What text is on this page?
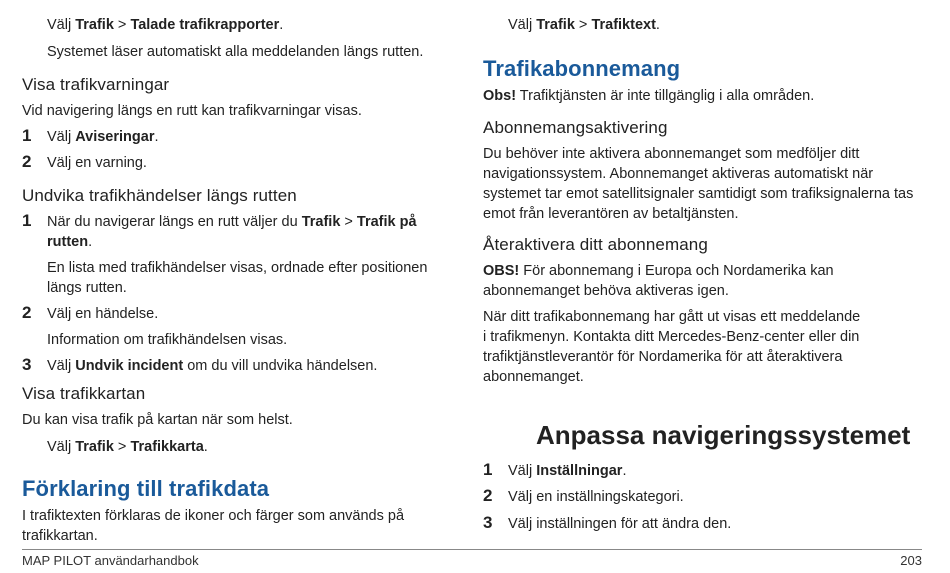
Välj Trafik > Talade trafikrapporter.

Systemet läser automatiskt alla meddelanden längs rutten.

Visa trafikvarningar

Vid navigering längs en rutt kan trafikvarningar visas.

1 Välj Aviseringar.

2 Välj en varning.

Undvika trafikhändelser längs rutten
1 När du navigerar längs en rutt väljer du Trafik > Trafik på
rutten.

En lista med trafikhändelser visas, ordnade efter positionen
längs rutten.

2 Välj en händelse.

Information om trafikhändelsen visas.

3 Välj Undvik incident om du vill undvika händelsen.

Visa trafikkartan

Du kan visa trafik på kartan när som helst.

Välj Trafik > Trafikkarta.

Förklaring till trafikdata

I trafiktexten förklaras de ikoner och färger som används på
trafikkartan.

Välj Trafik > Trafiktext.

Trafikabonnemang

Obs! Trafiktjänsten är inte tillgänglig i alla områden.

Abonnemangsaktivering

Du behöver inte aktivera abonnemanget som medföljer ditt
navigationssystem. Abonnemanget aktiveras automatiskt när
systemet tar emot satellitsignaler samtidigt som trafiksignalerna tas
emot från leverantören av betaltjänsten.

Återaktivera ditt abonnemang

OBS! För abonnemang i Europa och Nordamerika kan
abonnemanget behöva aktiveras igen.

När ditt trafikabonnemang har gått ut visas ett meddelande
i trafikmenyn. Kontakta ditt Mercedes-Benz-center eller din
trafiktjänstleverantör för Nordamerika för att återaktivera
abonnemanget.

Anpassa navigeringssystemet
1 Välj Inställningar.

2 Välj en inställningskategori.

3 Välj inställningen för att ändra den.

MAP PILOT användarhandbok	203
